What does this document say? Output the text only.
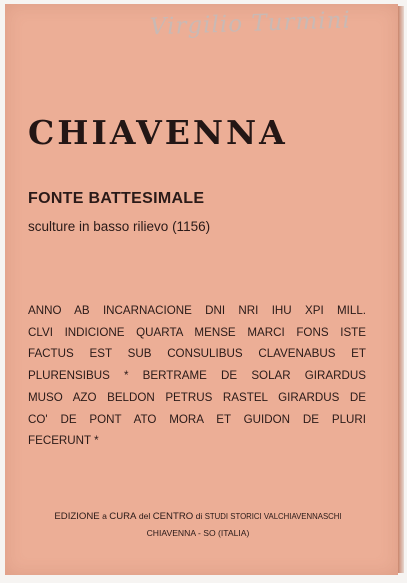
Virgilio Turmini
CHIAVENNA
FONTE BATTESIMALE
sculture in basso rilievo (1156)
ANNO AB INCARNACIONE DNI NRI IHU XPI MILL.
CLVI INDICIONE QUARTA MENSE MARCI FONS ISTE
FACTUS EST SUB CONSULIBUS CLAVENABUS ET
PLURENSIBUS * BERTRAME DE SOLAR GIRARDUS
MUSO AZO BELDON PETRUS RASTEL GIRARDUS DE
CO' DE PONT ATO MORA ET GUIDON DE PLURI
FECERUNT *
EDIZIONE a CURA del CENTRO di STUDI STORICI VALCHIAVENNASCHI
CHIAVENNA - SO (ITALIA)
